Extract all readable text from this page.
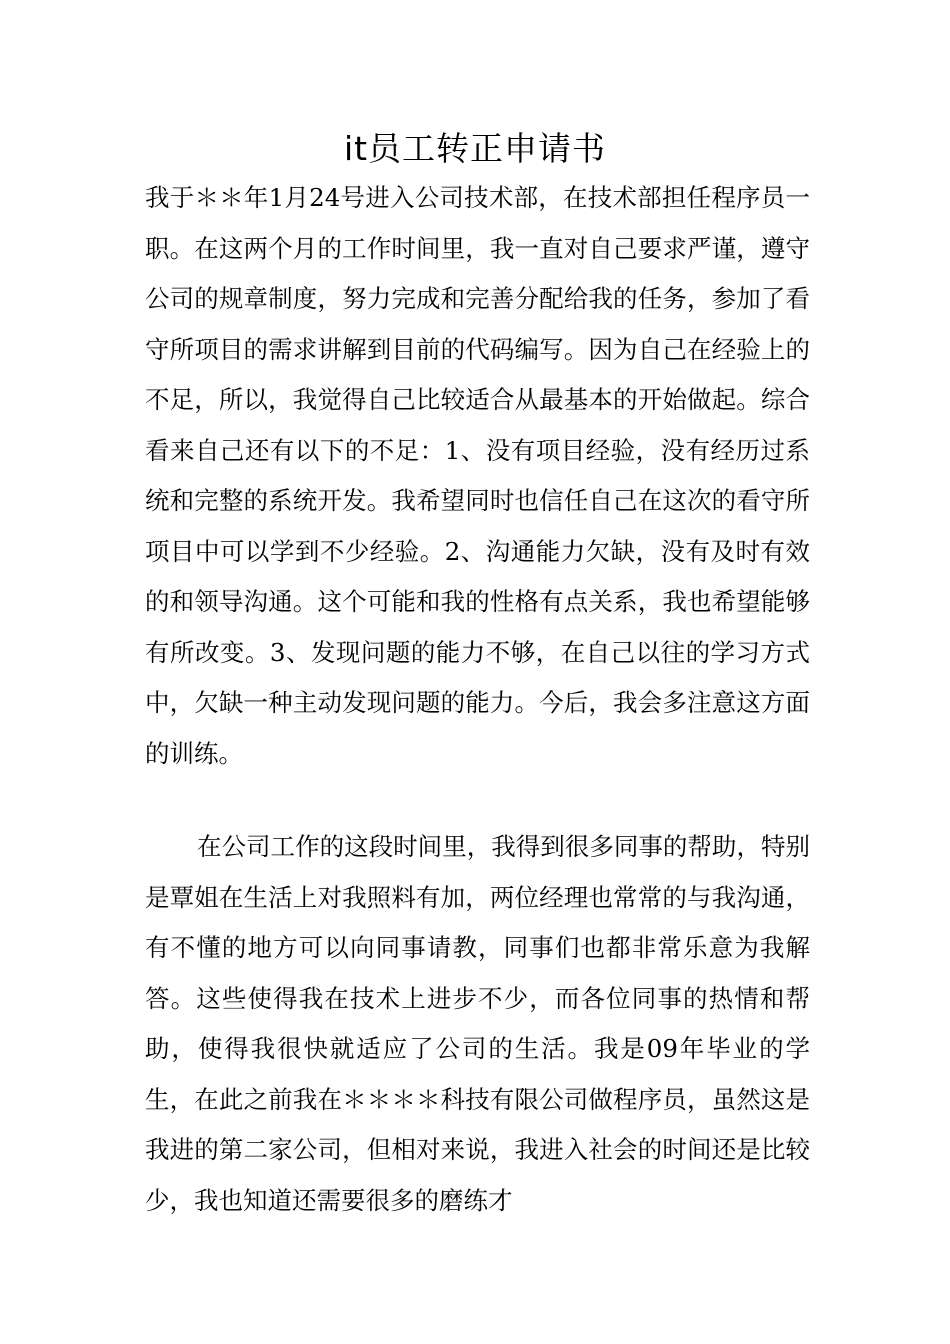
it员工转正申请书
我于＊＊年1月24号进入公司技术部，在技术部担任程序员一职。在这两个月的工作时间里，我一直对自己要求严谨，遵守公司的规章制度，努力完成和完善分配给我的任务，参加了看守所项目的需求讲解到目前的代码编写。因为自己在经验上的不足，所以，我觉得自己比较适合从最基本的开始做起。综合看来自己还有以下的不足：1、没有项目经验，没有经历过系统和完整的系统开发。我希望同时也信任自己在这次的看守所项目中可以学到不少经验。2、沟通能力欠缺，没有及时有效的和领导沟通。这个可能和我的性格有点关系，我也希望能够有所改变。3、发现问题的能力不够，在自己以往的学习方式中，欠缺一种主动发现问题的能力。今后，我会多注意这方面的训练。
在公司工作的这段时间里，我得到很多同事的帮助，特别是覃姐在生活上对我照料有加，两位经理也常常的与我沟通，有不懂的地方可以向同事请教，同事们也都非常乐意为我解答。这些使得我在技术上进步不少，而各位同事的热情和帮助，使得我很快就适应了公司的生活。我是09年毕业的学生，在此之前我在＊＊＊＊科技有限公司做程序员，虽然这是我进的第二家公司，但相对来说，我进入社会的时间还是比较少，我也知道还需要很多的磨练才
